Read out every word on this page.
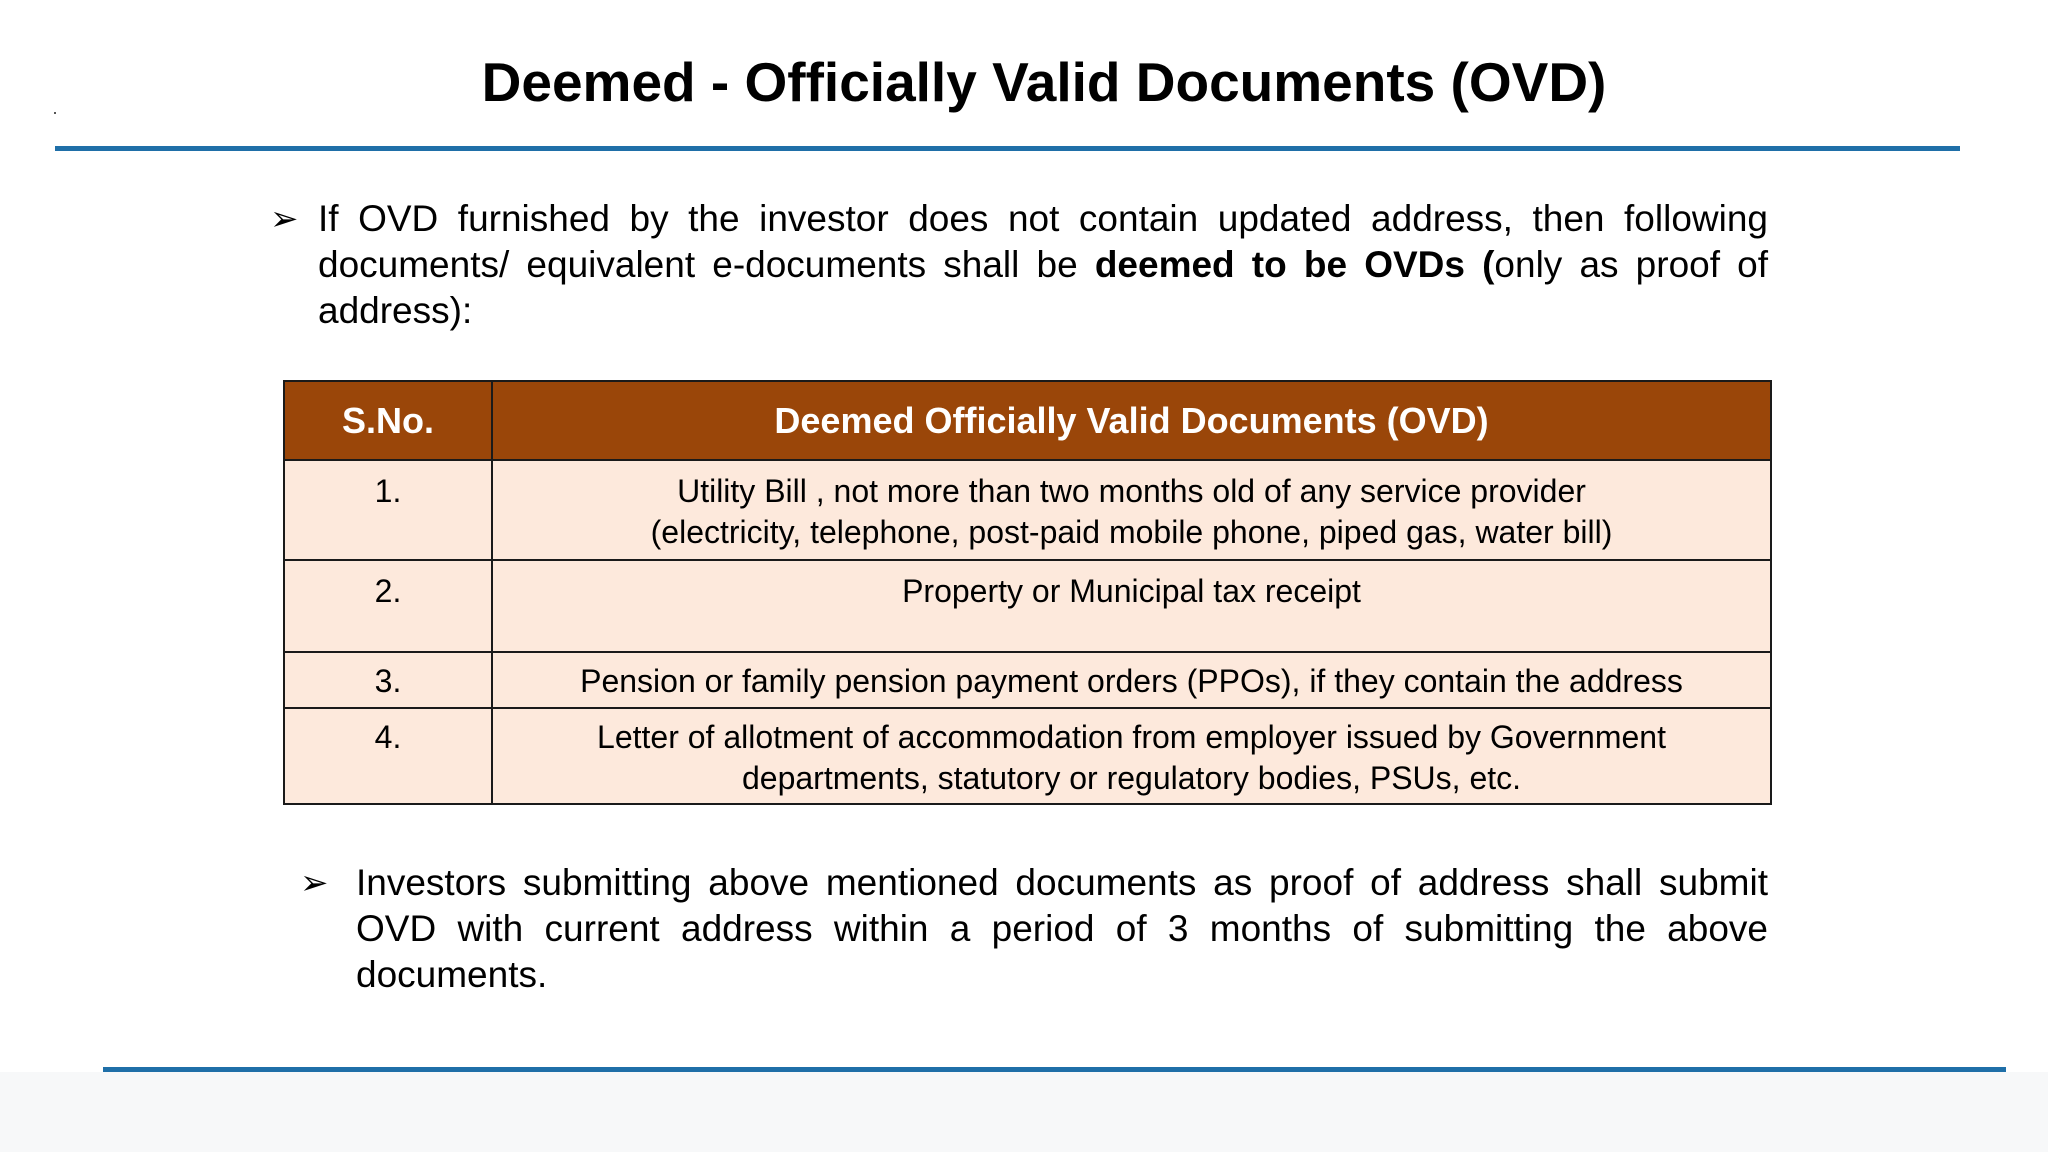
Deemed - Officially Valid Documents (OVD)
➢ If OVD furnished by the investor does not contain updated address, then following documents/ equivalent e-documents shall be deemed to be OVDs (only as proof of address):
S.No.	Deemed Officially Valid Documents (OVD)
1.	Utility Bill , not more than two months old of any service provider
(electricity, telephone, post-paid mobile phone, piped gas, water bill)

2.	Property or Municipal tax receipt

3.	Pension or family pension payment orders (PPOs), if they contain the address

4.	Letter of allotment of accommodation from employer issued by Government
departments, statutory or regulatory bodies, PSUs, etc.
➢ Investors submitting above mentioned documents as proof of address shall submit OVD with current address within a period of 3 months of submitting the above documents.
